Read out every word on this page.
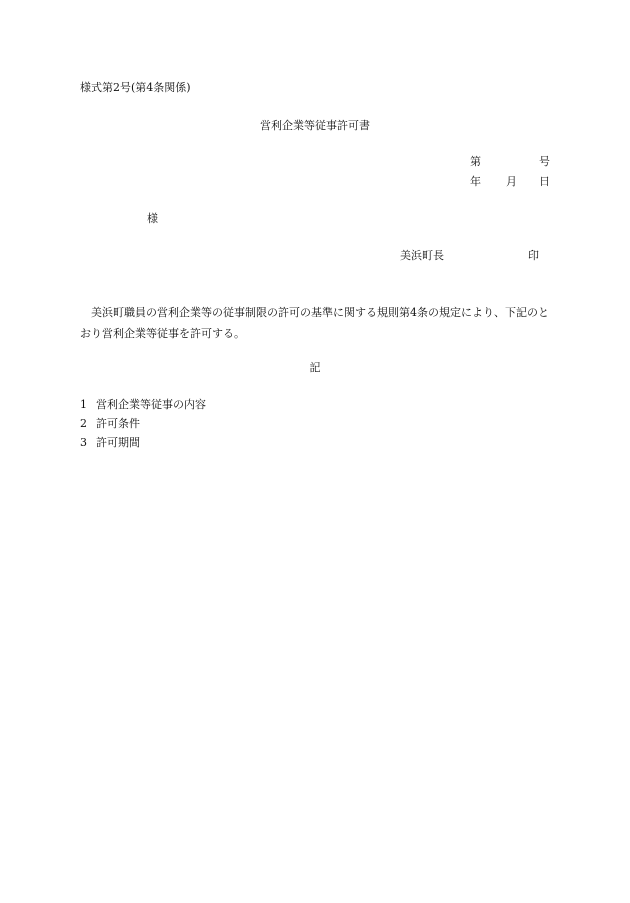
様式第2号(第4条関係)
営利企業等従事許可書
第	号
年 月 日
様
美浜町長	印
美浜町職員の営利企業等の従事制限の許可の基準に関する規則第4条の規定により、下記のとおり営利企業等従事を許可する。
記
1 営利企業等従事の内容
2 許可条件
3 許可期間
